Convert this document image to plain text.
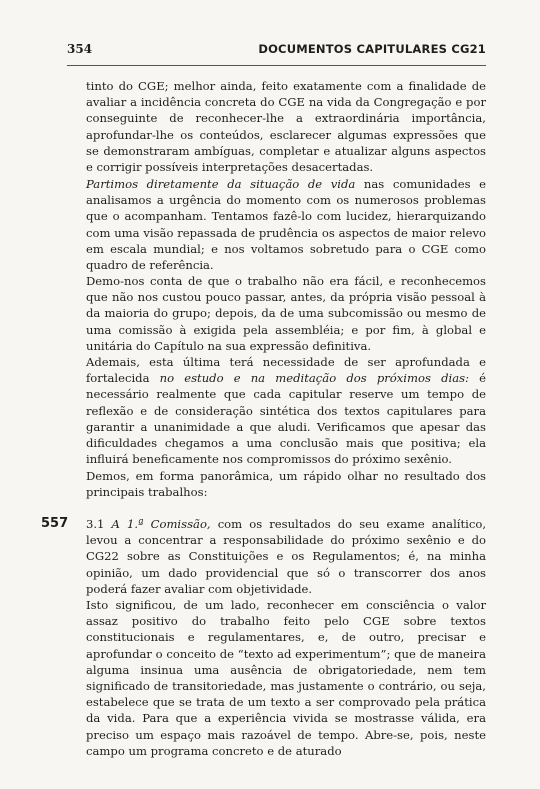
354	DOCUMENTOS CAPITULARES CG21

tinto do CGE; melhor ainda, feito exatamente com a finalidade de avaliar a incidência concreta do CGE na vida da Congregação e por conseguinte de reconhecer-lhe a extraordinária importância, aprofundar-lhe os conteúdos, esclarecer algumas expressões que se demonstraram ambíguas, completar e atualizar alguns aspectos e corrigir possíveis interpretações desacertadas.

Partimos diretamente da situação de vida nas comunidades e analisamos a urgência do momento com os numerosos problemas que o acompanham. Tentamos fazê-lo com lucidez, hierarquizando com uma visão repassada de prudência os aspectos de maior relevo em escala mundial; e nos voltamos sobretudo para o CGE como quadro de referência.

Demo-nos conta de que o trabalho não era fácil, e reconhecemos que não nos custou pouco passar, antes, da própria visão pessoal à da maioria do grupo; depois, da de uma subcomissão ou mesmo de uma comissão à exigida pela assembléia; e por fim, à global e unitária do Capítulo na sua expressão definitiva.

Ademais, esta última terá necessidade de ser aprofundada e fortalecida no estudo e na meditação dos próximos dias: é necessário realmente que cada capitular reserve um tempo de reflexão e de consideração sintética dos textos capitulares para garantir a unanimidade a que aludi. Verificamos que apesar das dificuldades chegamos a uma conclusão mais que positiva; ela influirá beneficamente nos compromissos do próximo sexênio.

Demos, em forma panorâmica, um rápido olhar no resultado dos principais trabalhos:

557 3.1 A 1.ª Comissão, com os resultados do seu exame analítico, levou a concentrar a responsabilidade do próximo sexênio e do CG22 sobre as Constituições e os Regulamentos; é, na minha opinião, um dado providencial que só o transcorrer dos anos poderá fazer avaliar com objetividade.

Isto significou, de um lado, reconhecer em consciência o valor assaz positivo do trabalho feito pelo CGE sobre textos constitucionais e regulamentares, e, de outro, precisar e aprofundar o conceito de “texto ad experimentum”; que de maneira alguma insinua uma ausência de obrigatoriedade, nem tem significado de transitoriedade, mas justamente o contrário, ou seja, estabelece que se trata de um texto a ser comprovado pela prática da vida. Para que a experiência vivida se mostrasse válida, era preciso um espaço mais razoável de tempo. Abre-se, pois, neste campo um programa concreto e de aturado
